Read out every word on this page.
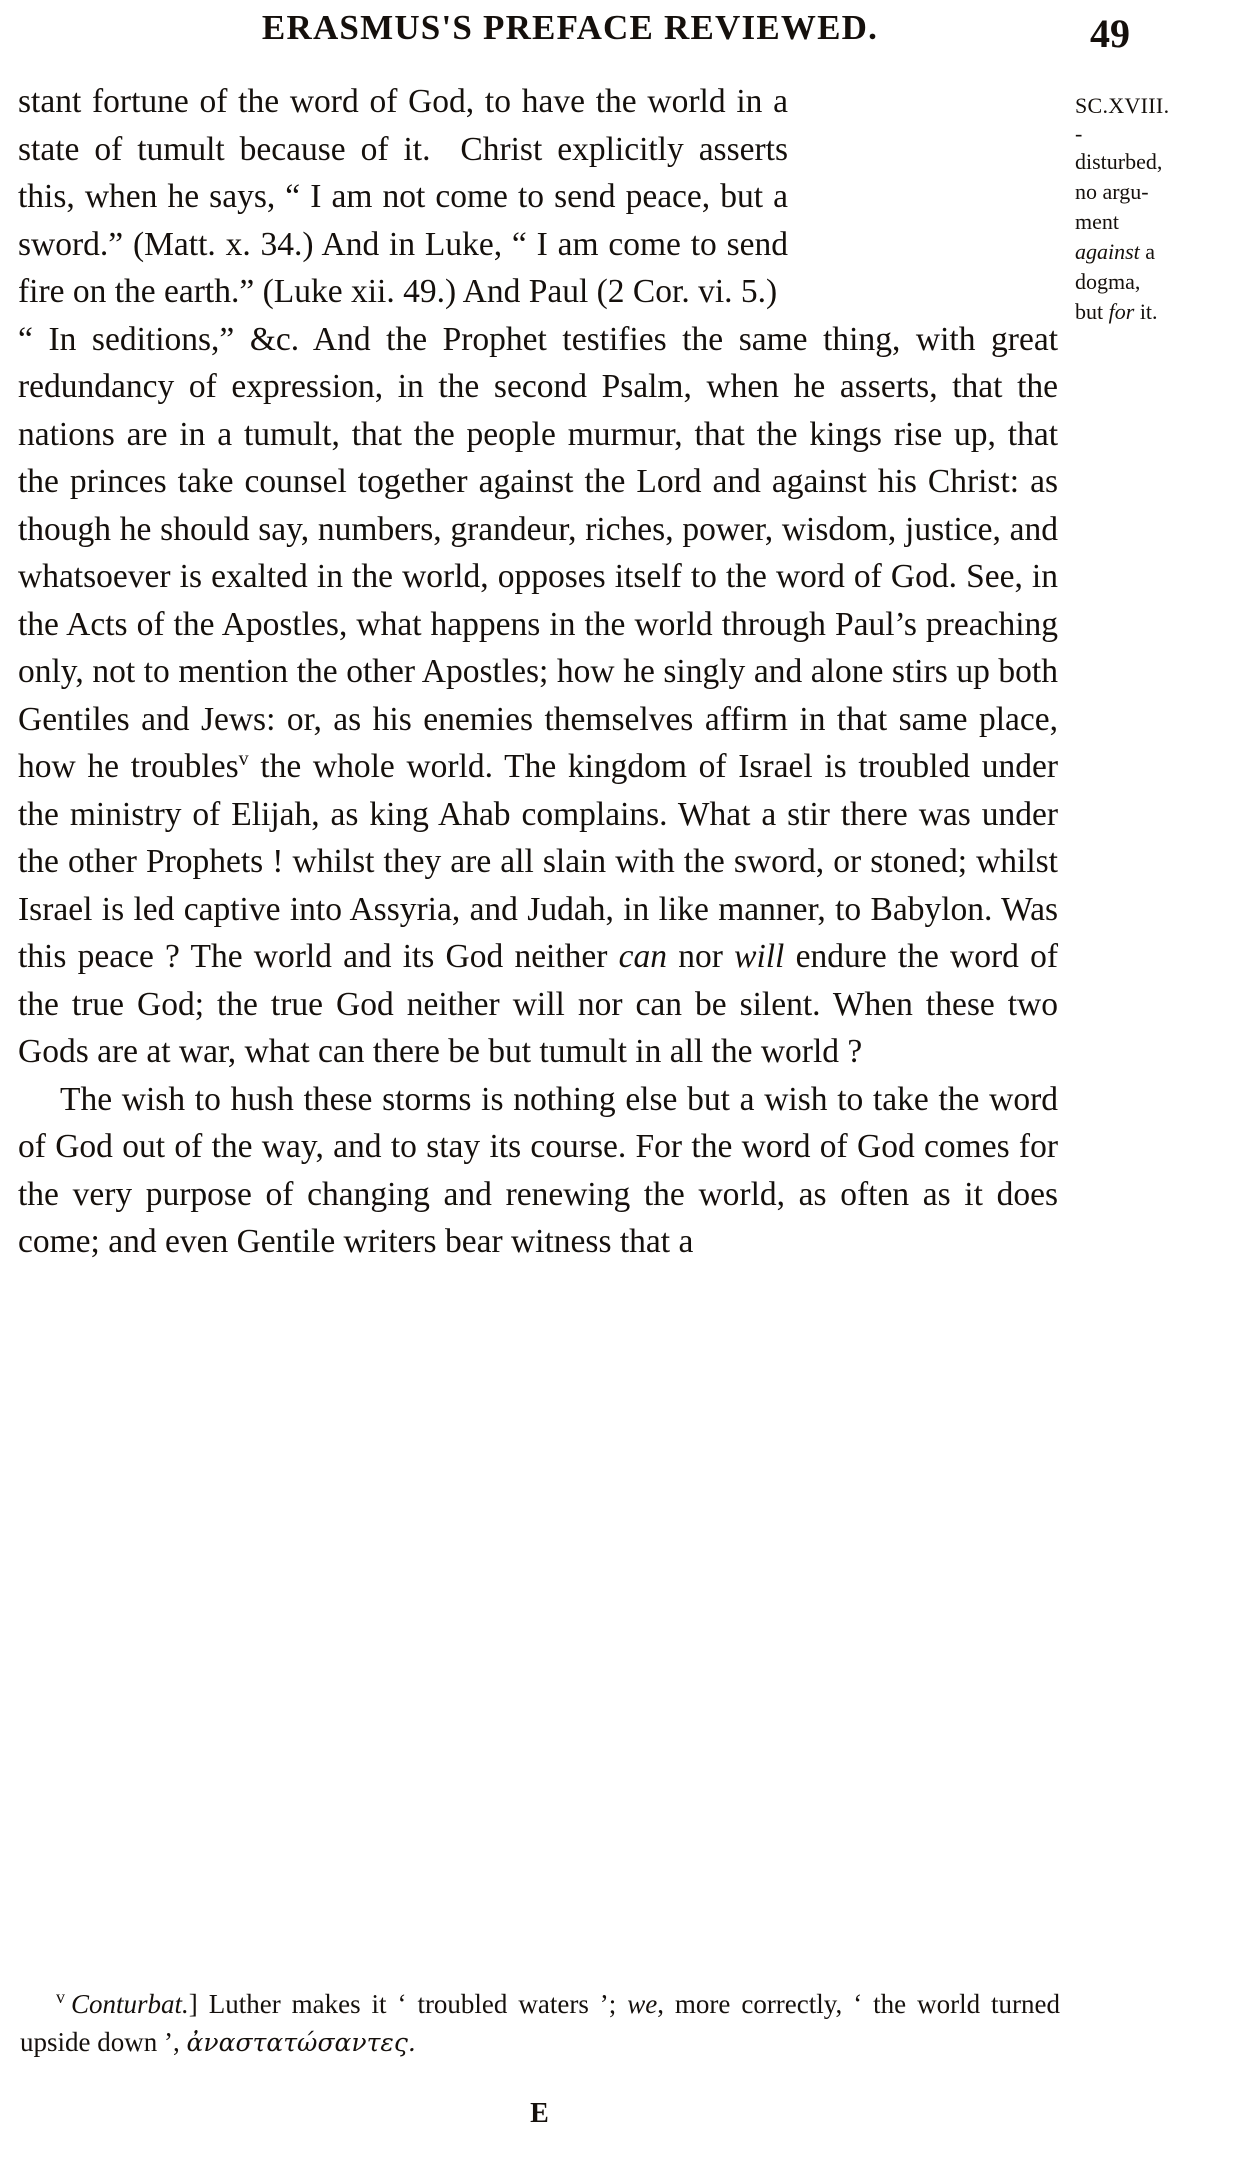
ERASMUS'S PREFACE REVIEWED.	49
SC.XVIII.
-
disturbed,
no argu-
ment
against a
dogma,
but for it.

stant fortune of the word of God, to have the world in a state of tumult because of it. Christ explicitly asserts this, when he says, “ I am not come to send peace, but a sword.” (Matt. x. 34.) And in Luke, “ I am come to send fire on the earth.” (Luke xii. 49.) And Paul (2 Cor. vi. 5.)

“ In seditions,” &c. And the Prophet testifies the same thing, with great redundancy of expression, in the second Psalm, when he asserts, that the nations are in a tumult, that the people murmur, that the kings rise up, that the princes take counsel together against the Lord and against his Christ: as though he should say, numbers, grandeur, riches, power, wisdom, justice, and whatsoever is exalted in the world, opposes itself to the word of God. See, in the Acts of the Apostles, what happens in the world through Paul’s preaching only, not to mention the other Apostles; how he singly and alone stirs up both Gentiles and Jews: or, as his enemies themselves affirm in that same place, how he troubles$^v$ the whole world. The kingdom of Israel is troubled under the ministry of Elijah, as king Ahab complains. What a stir there was under the other Prophets ! whilst they are all slain with the sword, or stoned; whilst Israel is led captive into Assyria, and Judah, in like manner, to Babylon. Was this peace ? The world and its God neither can nor will endure the word of the true God; the true God neither will nor can be silent. When these two Gods are at war, what can there be but tumult in all the world ?

The wish to hush these storms is nothing else but a wish to take the word of God out of the way, and to stay its course. For the word of God comes for the very purpose of changing and renewing the world, as often as it does come; and even Gentile writers bear witness that a

$^v$ Conturbat.] Luther makes it ‘ troubled waters ’; we, more correctly, ‘ the world turned upside down ’, ἀναστατώσαντες.
E
